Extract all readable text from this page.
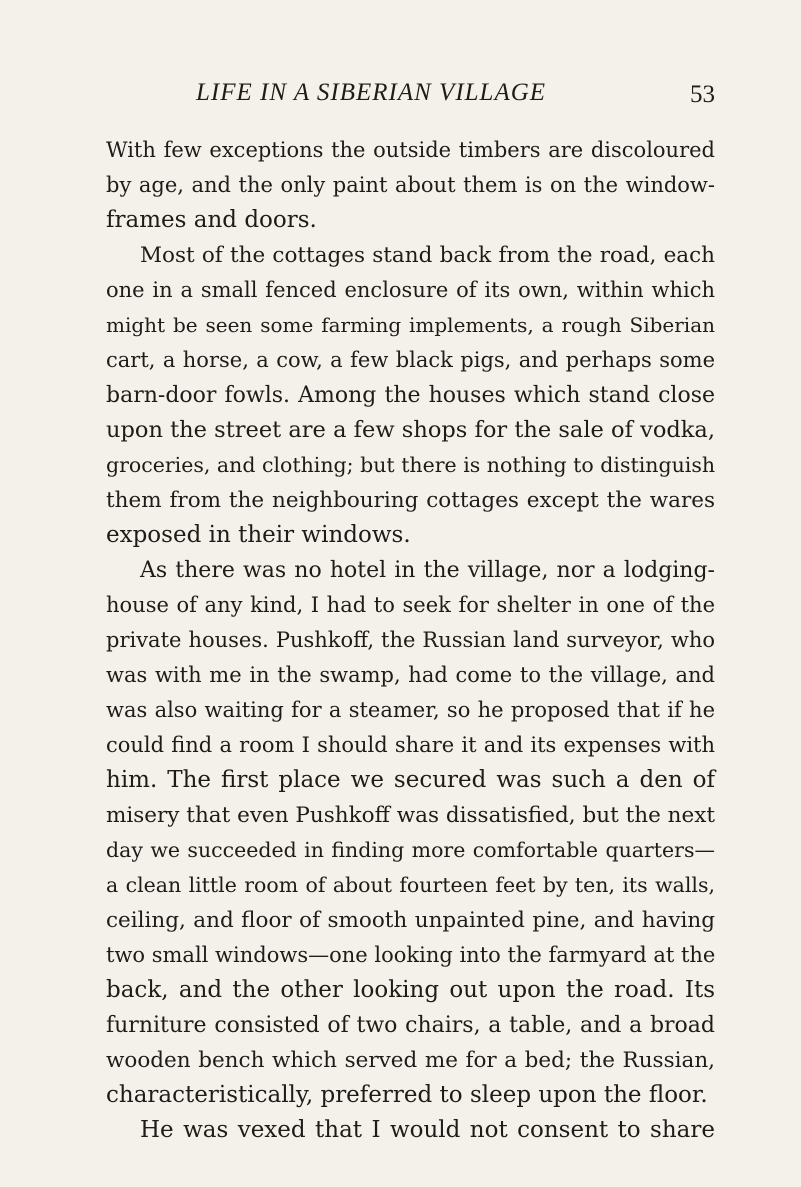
LIFE IN A SIBERIAN VILLAGE	53
With few exceptions the outside timbers are discoloured
by age, and the only paint about them is on the window-
frames and doors.
Most of the cottages stand back from the road, each
one in a small fenced enclosure of its own, within which
might be seen some farming implements, a rough Siberian
cart, a horse, a cow, a few black pigs, and perhaps some
barn-door fowls. Among the houses which stand close
upon the street are a few shops for the sale of vodka,
groceries, and clothing; but there is nothing to distinguish
them from the neighbouring cottages except the wares
exposed in their windows.
As there was no hotel in the village, nor a lodging-
house of any kind, I had to seek for shelter in one of the
private houses. Pushkoff, the Russian land surveyor, who
was with me in the swamp, had come to the village, and
was also waiting for a steamer, so he proposed that if he
could find a room I should share it and its expenses with
him. The first place we secured was such a den of
misery that even Pushkoff was dissatisfied, but the next
day we succeeded in finding more comfortable quarters—
a clean little room of about fourteen feet by ten, its walls,
ceiling, and floor of smooth unpainted pine, and having
two small windows—one looking into the farmyard at the
back, and the other looking out upon the road. Its
furniture consisted of two chairs, a table, and a broad
wooden bench which served me for a bed; the Russian,
characteristically, preferred to sleep upon the floor.
He was vexed that I would not consent to share
